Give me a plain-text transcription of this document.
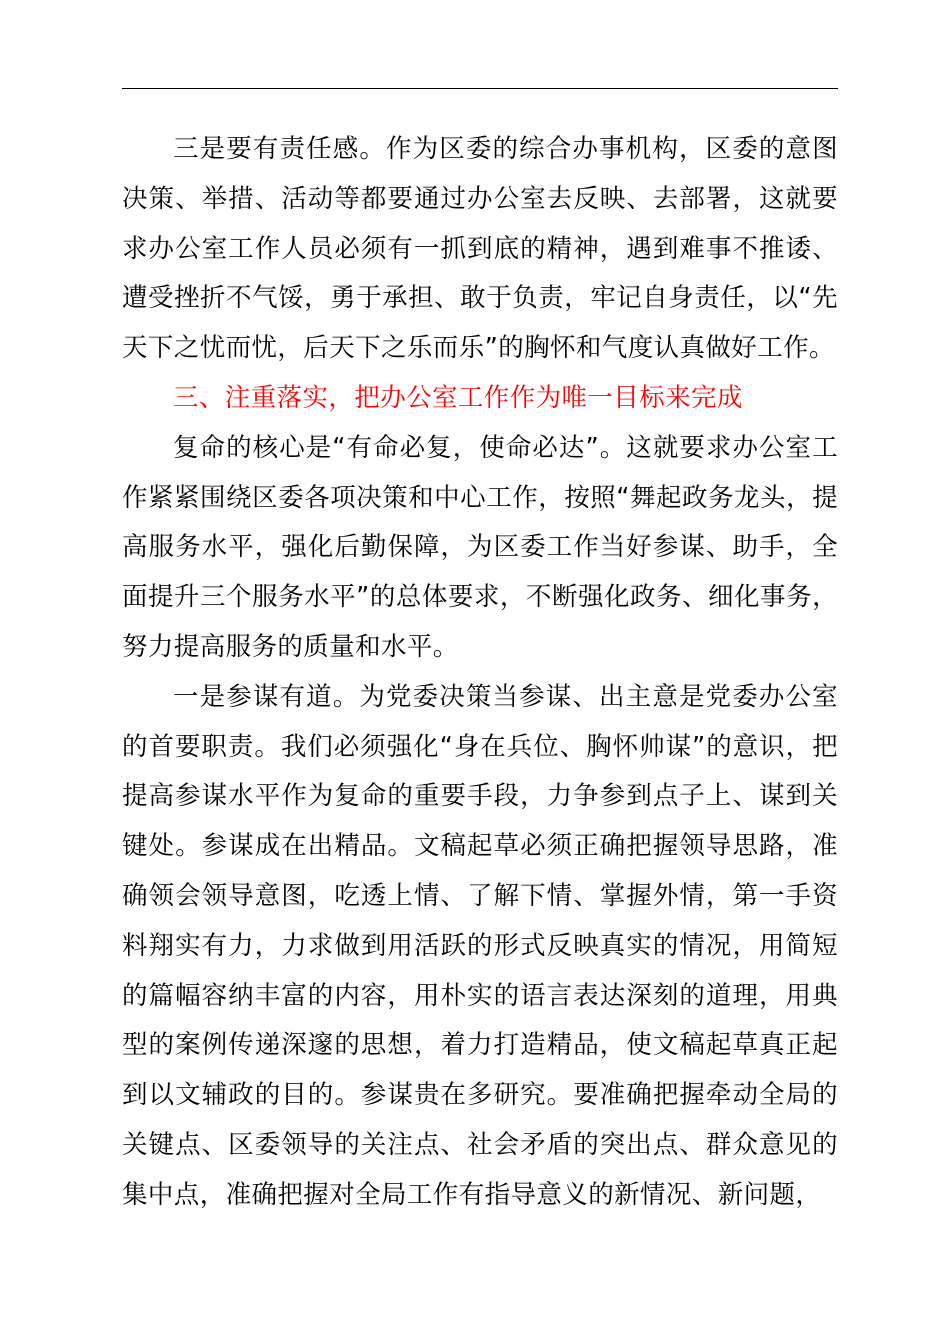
三是要有责任感。作为区委的综合办事机构，区委的意图决策、举措、活动等都要通过办公室去反映、去部署，这就要求办公室工作人员必须有一抓到底的精神，遇到难事不推诿、遭受挫折不气馁，勇于承担、敢于负责，牢记自身责任，以“先天下之忧而忧，后天下之乐而乐”的胸怀和气度认真做好工作。

三、注重落实，把办公室工作作为唯一目标来完成

复命的核心是“有命必复，使命必达”。这就要求办公室工作紧紧围绕区委各项决策和中心工作，按照“舞起政务龙头，提高服务水平，强化后勤保障，为区委工作当好参谋、助手，全面提升三个服务水平”的总体要求，不断强化政务、细化事务，努力提高服务的质量和水平。

一是参谋有道。为党委决策当参谋、出主意是党委办公室的首要职责。我们必须强化“身在兵位、胸怀帅谋”的意识，把提高参谋水平作为复命的重要手段，力争参到点子上、谋到关键处。参谋成在出精品。文稿起草必须正确把握领导思路，准确领会领导意图，吃透上情、了解下情、掌握外情，第一手资料翔实有力，力求做到用活跃的形式反映真实的情况，用简短的篇幅容纳丰富的内容，用朴实的语言表达深刻的道理，用典型的案例传递深邃的思想，着力打造精品，使文稿起草真正起到以文辅政的目的。参谋贵在多研究。要准确把握牵动全局的关键点、区委领导的关注点、社会矛盾的突出点、群众意见的集中点，准确把握对全局工作有指导意义的新情况、新问题，
